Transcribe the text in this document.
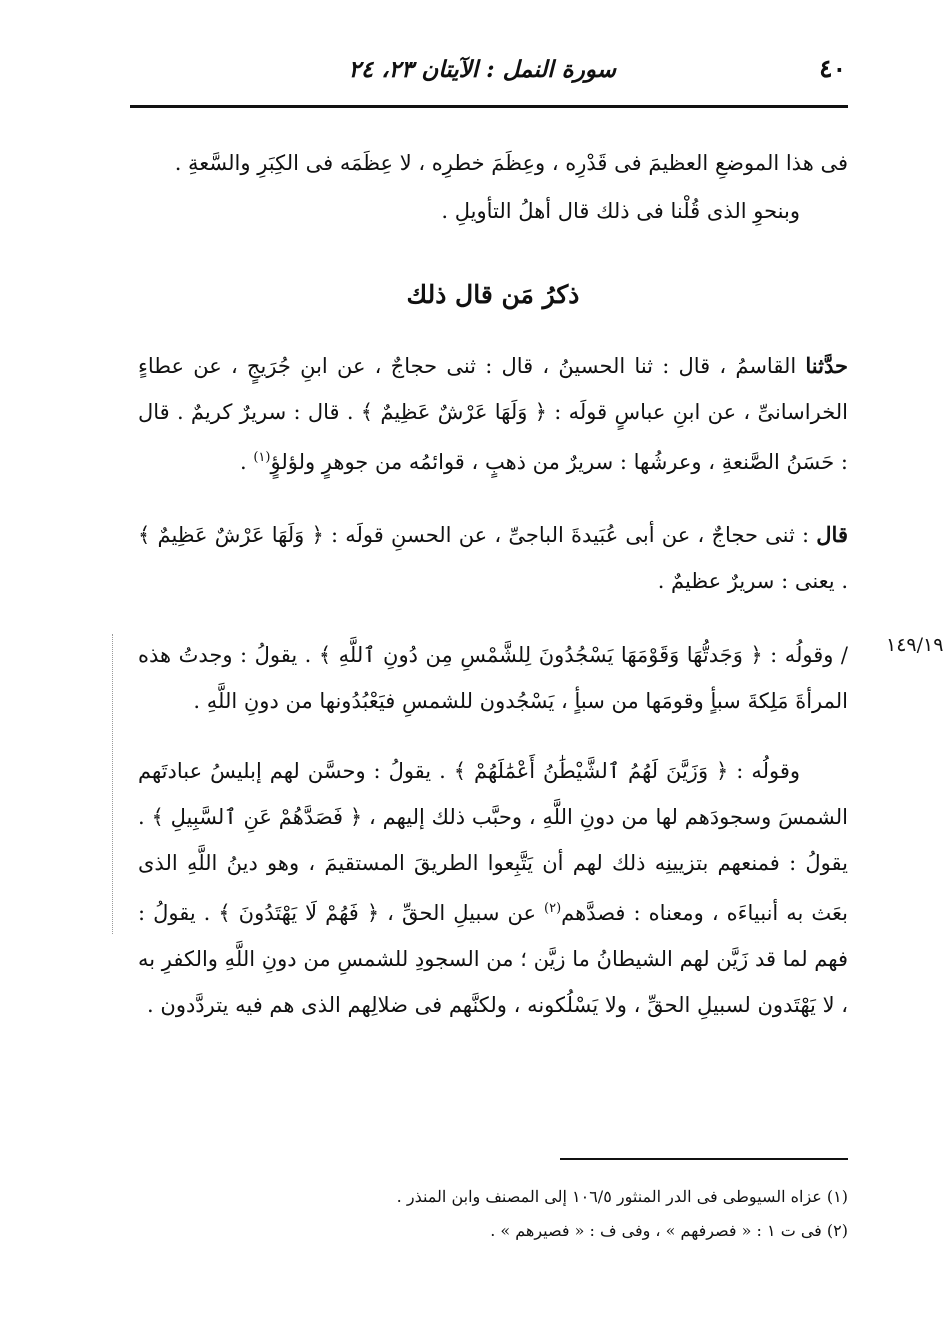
٤٠
سورة النمل : الآيتان ٢٣، ٢٤

فى هذا الموضعِ العظيمَ فى قَدْرِه ، وعِظَمَ خطرِه ، لا عِظَمَه فى الكِبَرِ والسَّعةِ .

وبنحوِ الذى قُلْنا فى ذلك قال أهلُ التأويلِ .

ذكرُ مَن قال ذلك

حدَّثنا القاسمُ ، قال : ثنا الحسينُ ، قال : ثنى حجاجٌ ، عن ابنِ جُرَيجٍ ، عن عطاءٍ الخراسانىِّ ، عن ابنِ عباسٍ قولَه : ﴿ وَلَهَا عَرْشٌ عَظِيمٌ ﴾ . قال : سريرٌ كريمٌ . قال : حَسَنُ الصَّنعةِ ، وعرشُها : سريرٌ من ذهبٍ ، قوائمُه من جوهرٍ ولؤلؤٍ$^{(١)}$ .

قال : ثنى حجاجٌ ، عن أبى عُبَيدةَ الباجىِّ ، عن الحسنِ قولَه : ﴿ وَلَهَا عَرْشٌ عَظِيمٌ ﴾ . يعنى : سريرٌ عظيمٌ .

/ وقولُه : ﴿ وَجَدتُّهَا وَقَوْمَهَا يَسْجُدُونَ لِلشَّمْسِ مِن دُونِ ٱللَّهِ ﴾ . يقولُ : وجدتُ هذه المرأةَ مَلِكةَ سبأٍ وقومَها من سبأٍ ، يَسْجُدون للشمسِ فيَعْبُدُونها من دونِ اللَّهِ .

١٤٩/١٩

وقولُه : ﴿ وَزَيَّنَ لَهُمُ ٱلشَّيْطَٰنُ أَعْمَٰلَهُمْ ﴾ . يقولُ : وحسَّن لهم إبليسُ عبادتَهم الشمسَ وسجودَهم لها من دونِ اللَّهِ ، وحبَّب ذلك إليهم ، ﴿ فَصَدَّهُمْ عَنِ ٱلسَّبِيلِ ﴾ . يقولُ : فمنعهم بتزيينِه ذلك لهم أن يَتَّبِعوا الطريقَ المستقيمَ ، وهو دينُ اللَّهِ الذى بعَث به أنبياءَه ، ومعناه : فصدَّهم$^{(٢)}$ عن سبيلِ الحقِّ ، ﴿ فَهُمْ لَا يَهْتَدُونَ ﴾ . يقولُ : فهم لما قد زَيَّن لهم الشيطانُ ما زيَّن ؛ من السجودِ للشمسِ من دونِ اللَّهِ والكفرِ به ، لا يَهْتَدون لسبيلِ الحقِّ ، ولا يَسْلُكونه ، ولكنَّهم فى ضلالِهم الذى هم فيه يتردَّدون .

(١) عزاه السيوطى فى الدر المنثور ١٠٦/٥ إلى المصنف وابن المنذر .

(٢) فى ت ١ : « فصرفهم » ، وفى ف : « فصيرهم » .
